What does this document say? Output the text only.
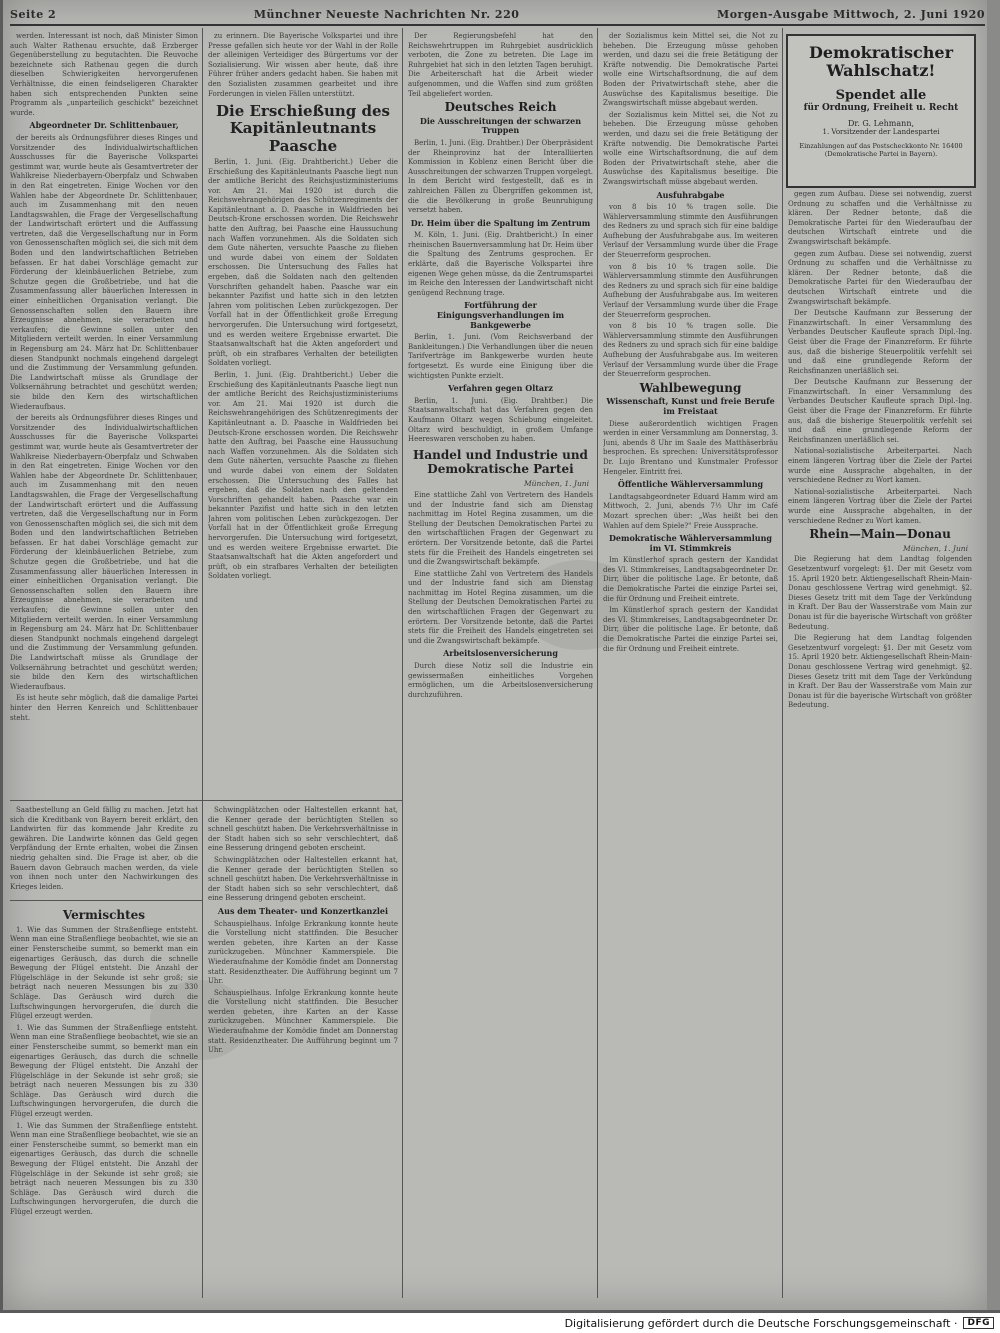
Seite 2	Münchner Neueste Nachrichten Nr. 220	Morgen-Ausgabe Mittwoch, 2. Juni 1920

werden. Interessant ist noch, daß Minister Simon auch Walter Rathenau ersuchte, daß Erzberger Gegenüberstellung zu begutachten. Die Reuvoche bezeichnete sich Rathenau gegen die durch dieselben Schwierigkeiten hervorgerufenen Verhältnisse, die einen feindseligeren Charakter haben sich entsprechenden Punkten seine Programm als „unparteilich geschickt" bezeichnet wurde.

Abgeordneter Dr. Schlittenbauer,

der bereits als Ordnungsführer dieses Ringes und Vorsitzender des Individualwirtschaftlichen Ausschusses für die Bayerische Volkspartei gestimmt war, wurde heute als Gesamtvertreter der Wahlkreise Niederbayern-Oberpfalz und Schwaben in den Rat eingetreten. Einige Wochen vor den Wahlen habe der Abgeordnete Dr. Schlittenbauer, auch im Zusammenhang mit den neuen Landtagswahlen, die Frage der Vergesellschaftung der Landwirtschaft erörtert und die Auffassung vertreten, daß die Vergesellschaftung nur in Form von Genossenschaften möglich sei, die sich mit dem Boden und den landwirtschaftlichen Betrieben befassen. Er hat dabei Vorschläge gemacht zur Förderung der kleinbäuerlichen Betriebe, zum Schutze gegen die Großbetriebe, und hat die Zusammenfassung aller bäuerlichen Interessen in einer einheitlichen Organisation verlangt. Die Genossenschaften sollen den Bauern ihre Erzeugnisse abnehmen, sie verarbeiten und verkaufen; die Gewinne sollen unter den Mitgliedern verteilt werden. In einer Versammlung in Regensburg am 24. März hat Dr. Schlittenbauer diesen Standpunkt nochmals eingehend dargelegt und die Zustimmung der Versammlung gefunden. Die Landwirtschaft müsse als Grundlage der Volksernährung betrachtet und geschützt werden; sie bilde den Kern des wirtschaftlichen Wiederaufbaus.

der bereits als Ordnungsführer dieses Ringes und Vorsitzender des Individualwirtschaftlichen Ausschusses für die Bayerische Volkspartei gestimmt war, wurde heute als Gesamtvertreter der Wahlkreise Niederbayern-Oberpfalz und Schwaben in den Rat eingetreten. Einige Wochen vor den Wahlen habe der Abgeordnete Dr. Schlittenbauer, auch im Zusammenhang mit den neuen Landtagswahlen, die Frage der Vergesellschaftung der Landwirtschaft erörtert und die Auffassung vertreten, daß die Vergesellschaftung nur in Form von Genossenschaften möglich sei, die sich mit dem Boden und den landwirtschaftlichen Betrieben befassen. Er hat dabei Vorschläge gemacht zur Förderung der kleinbäuerlichen Betriebe, zum Schutze gegen die Großbetriebe, und hat die Zusammenfassung aller bäuerlichen Interessen in einer einheitlichen Organisation verlangt. Die Genossenschaften sollen den Bauern ihre Erzeugnisse abnehmen, sie verarbeiten und verkaufen; die Gewinne sollen unter den Mitgliedern verteilt werden. In einer Versammlung in Regensburg am 24. März hat Dr. Schlittenbauer diesen Standpunkt nochmals eingehend dargelegt und die Zustimmung der Versammlung gefunden. Die Landwirtschaft müsse als Grundlage der Volksernährung betrachtet und geschützt werden; sie bilde den Kern des wirtschaftlichen Wiederaufbaus.

Es ist heute sehr möglich, daß die damalige Partei hinter den Herren Kenreich und Schlittenbauer steht.

Saatbestellung an Geld fällig zu machen. Jetzt hat sich die Kreditbank von Bayern bereit erklärt, den Landwirten für das kommende Jahr Kredite zu gewähren. Die Landwirte können das Geld gegen Verpfändung der Ernte erhalten, wobei die Zinsen niedrig gehalten sind. Die Frage ist aber, ob die Bauern davon Gebrauch machen werden, da viele von ihnen noch unter den Nachwirkungen des Krieges leiden.

Vermischtes

1. Wie das Summen der Straßenfliege entsteht. Wenn man eine Straßenfliege beobachtet, wie sie an einer Fensterscheibe summt, so bemerkt man ein eigenartiges Geräusch, das durch die schnelle Bewegung der Flügel entsteht. Die Anzahl der Flügelschläge in der Sekunde ist sehr groß; sie beträgt nach neueren Messungen bis zu 330 Schläge. Das Geräusch wird durch die Luftschwingungen hervorgerufen, die durch die Flügel erzeugt werden.

1. Wie das Summen der Straßenfliege entsteht. Wenn man eine Straßenfliege beobachtet, wie sie an einer Fensterscheibe summt, so bemerkt man ein eigenartiges Geräusch, das durch die schnelle Bewegung der Flügel entsteht. Die Anzahl der Flügelschläge in der Sekunde ist sehr groß; sie beträgt nach neueren Messungen bis zu 330 Schläge. Das Geräusch wird durch die Luftschwingungen hervorgerufen, die durch die Flügel erzeugt werden.

1. Wie das Summen der Straßenfliege entsteht. Wenn man eine Straßenfliege beobachtet, wie sie an einer Fensterscheibe summt, so bemerkt man ein eigenartiges Geräusch, das durch die schnelle Bewegung der Flügel entsteht. Die Anzahl der Flügelschläge in der Sekunde ist sehr groß; sie beträgt nach neueren Messungen bis zu 330 Schläge. Das Geräusch wird durch die Luftschwingungen hervorgerufen, die durch die Flügel erzeugt werden.

zu erinnern. Die Bayerische Volkspartei und ihre Presse gefallen sich heute vor der Wahl in der Rolle der alleinigen Verteidiger des Bürgertums vor der Sozialisierung. Wir wissen aber heute, daß ihre Führer früher anders gedacht haben. Sie haben mit den Sozialisten zusammen gearbeitet und ihre Forderungen in vielen Fällen unterstützt.

Die Erschießung des Kapitänleutnants Paasche

Berlin, 1. Juni. (Eig. Drahtbericht.) Ueber die Erschießung des Kapitänleutnants Paasche liegt nun der amtliche Bericht des Reichsjustizministeriums vor. Am 21. Mai 1920 ist durch die Reichswehrangehörigen des Schützenregiments der Kapitänleutnant a. D. Paasche in Waldfrieden bei Deutsch-Krone erschossen worden. Die Reichswehr hatte den Auftrag, bei Paasche eine Haussuchung nach Waffen vorzunehmen. Als die Soldaten sich dem Gute näherten, versuchte Paasche zu fliehen und wurde dabei von einem der Soldaten erschossen. Die Untersuchung des Falles hat ergeben, daß die Soldaten nach den geltenden Vorschriften gehandelt haben. Paasche war ein bekannter Pazifist und hatte sich in den letzten Jahren vom politischen Leben zurückgezogen. Der Vorfall hat in der Öffentlichkeit große Erregung hervorgerufen. Die Untersuchung wird fortgesetzt, und es werden weitere Ergebnisse erwartet. Die Staatsanwaltschaft hat die Akten angefordert und prüft, ob ein strafbares Verhalten der beteiligten Soldaten vorliegt.

Berlin, 1. Juni. (Eig. Drahtbericht.) Ueber die Erschießung des Kapitänleutnants Paasche liegt nun der amtliche Bericht des Reichsjustizministeriums vor. Am 21. Mai 1920 ist durch die Reichswehrangehörigen des Schützenregiments der Kapitänleutnant a. D. Paasche in Waldfrieden bei Deutsch-Krone erschossen worden. Die Reichswehr hatte den Auftrag, bei Paasche eine Haussuchung nach Waffen vorzunehmen. Als die Soldaten sich dem Gute näherten, versuchte Paasche zu fliehen und wurde dabei von einem der Soldaten erschossen. Die Untersuchung des Falles hat ergeben, daß die Soldaten nach den geltenden Vorschriften gehandelt haben. Paasche war ein bekannter Pazifist und hatte sich in den letzten Jahren vom politischen Leben zurückgezogen. Der Vorfall hat in der Öffentlichkeit große Erregung hervorgerufen. Die Untersuchung wird fortgesetzt, und es werden weitere Ergebnisse erwartet. Die Staatsanwaltschaft hat die Akten angefordert und prüft, ob ein strafbares Verhalten der beteiligten Soldaten vorliegt.

Schwingplätzchen oder Haltestellen erkannt hat, die Kenner gerade der berüchtigten Stellen so schnell geschützt haben. Die Verkehrsverhältnisse in der Stadt haben sich so sehr verschlechtert, daß eine Besserung dringend geboten erscheint.

Schwingplätzchen oder Haltestellen erkannt hat, die Kenner gerade der berüchtigten Stellen so schnell geschützt haben. Die Verkehrsverhältnisse in der Stadt haben sich so sehr verschlechtert, daß eine Besserung dringend geboten erscheint.

Aus dem Theater- und Konzertkanzlei

Schauspielhaus. Infolge Erkrankung konnte heute die Vorstellung nicht stattfinden. Die Besucher werden gebeten, ihre Karten an der Kasse zurückzugeben. Münchner Kammerspiele. Die Wiederaufnahme der Komödie findet am Donnerstag statt. Residenztheater. Die Aufführung beginnt um 7 Uhr.

Schauspielhaus. Infolge Erkrankung konnte heute die Vorstellung nicht stattfinden. Die Besucher werden gebeten, ihre Karten an der Kasse zurückzugeben. Münchner Kammerspiele. Die Wiederaufnahme der Komödie findet am Donnerstag statt. Residenztheater. Die Aufführung beginnt um 7 Uhr.

Der Regierungsbefehl hat den Reichswehrtruppen im Ruhrgebiet ausdrücklich verboten, die Zone zu betreten. Die Lage im Ruhrgebiet hat sich in den letzten Tagen beruhigt. Die Arbeiterschaft hat die Arbeit wieder aufgenommen, und die Waffen sind zum größten Teil abgeliefert worden.

Deutsches Reich
Die Ausschreitungen der schwarzen Truppen

Berlin, 1. Juni. (Eig. Drahtber.) Der Oberpräsident der Rheinprovinz hat der Interalliierten Kommission in Koblenz einen Bericht über die Ausschreitungen der schwarzen Truppen vorgelegt. In dem Bericht wird festgestellt, daß es in zahlreichen Fällen zu Übergriffen gekommen ist, die die Bevölkerung in große Beunruhigung versetzt haben.

Dr. Heim über die Spaltung im Zentrum

M. Köln, 1. Juni. (Eig. Drahtbericht.) In einer rheinischen Bauernversammlung hat Dr. Heim über die Spaltung des Zentrums gesprochen. Er erklärte, daß die Bayerische Volkspartei ihre eigenen Wege gehen müsse, da die Zentrumspartei im Reiche den Interessen der Landwirtschaft nicht genügend Rechnung trage.

Fortführung der Einigungsverhandlungen im Bankgewerbe

Berlin, 1. Juni. (Vom Reichsverband der Bankleitungen.) Die Verhandlungen über die neuen Tarifverträge im Bankgewerbe wurden heute fortgesetzt. Es wurde eine Einigung über die wichtigsten Punkte erzielt.

Verfahren gegen Oltarz

Berlin, 1. Juni. (Eig. Drahtber.) Die Staatsanwaltschaft hat das Verfahren gegen den Kaufmann Oltarz wegen Schiebung eingeleitet. Oltarz wird beschuldigt, in großem Umfange Heereswaren verschoben zu haben.

Handel und Industrie und Demokratische Partei
München, 1. Juni

Eine stattliche Zahl von Vertretern des Handels und der Industrie fand sich am Dienstag nachmittag im Hotel Regina zusammen, um die Stellung der Deutschen Demokratischen Partei zu den wirtschaftlichen Fragen der Gegenwart zu erörtern. Der Vorsitzende betonte, daß die Partei stets für die Freiheit des Handels eingetreten sei und die Zwangswirtschaft bekämpfe.

Eine stattliche Zahl von Vertretern des Handels und der Industrie fand sich am Dienstag nachmittag im Hotel Regina zusammen, um die Stellung der Deutschen Demokratischen Partei zu den wirtschaftlichen Fragen der Gegenwart zu erörtern. Der Vorsitzende betonte, daß die Partei stets für die Freiheit des Handels eingetreten sei und die Zwangswirtschaft bekämpfe.

Arbeitslosenversicherung

Durch diese Notiz soll die Industrie ein gewissermaßen einheitliches Vorgehen ermöglichen, um die Arbeitslosenversicherung durchzuführen.

der Sozialismus kein Mittel sei, die Not zu beheben. Die Erzeugung müsse gehoben werden, und dazu sei die freie Betätigung der Kräfte notwendig. Die Demokratische Partei wolle eine Wirtschaftsordnung, die auf dem Boden der Privatwirtschaft stehe, aber die Auswüchse des Kapitalismus beseitige. Die Zwangswirtschaft müsse abgebaut werden.

der Sozialismus kein Mittel sei, die Not zu beheben. Die Erzeugung müsse gehoben werden, und dazu sei die freie Betätigung der Kräfte notwendig. Die Demokratische Partei wolle eine Wirtschaftsordnung, die auf dem Boden der Privatwirtschaft stehe, aber die Auswüchse des Kapitalismus beseitige. Die Zwangswirtschaft müsse abgebaut werden.

Ausfuhrabgabe

von 8 bis 10 % tragen solle. Die Wählerversammlung stimmte den Ausführungen des Redners zu und sprach sich für eine baldige Aufhebung der Ausfuhrabgabe aus. Im weiteren Verlauf der Versammlung wurde über die Frage der Steuerreform gesprochen.

von 8 bis 10 % tragen solle. Die Wählerversammlung stimmte den Ausführungen des Redners zu und sprach sich für eine baldige Aufhebung der Ausfuhrabgabe aus. Im weiteren Verlauf der Versammlung wurde über die Frage der Steuerreform gesprochen.

von 8 bis 10 % tragen solle. Die Wählerversammlung stimmte den Ausführungen des Redners zu und sprach sich für eine baldige Aufhebung der Ausfuhrabgabe aus. Im weiteren Verlauf der Versammlung wurde über die Frage der Steuerreform gesprochen.

Wahlbewegung
Wissenschaft, Kunst und freie Berufe im Freistaat

Diese außerordentlich wichtigen Fragen werden in einer Versammlung am Donnerstag, 3. Juni, abends 8 Uhr im Saale des Matthäserbräu besprochen. Es sprechen: Universitätsprofessor Dr. Lujo Brentano und Kunstmaler Professor Hengeler. Eintritt frei.

Öffentliche Wählerversammlung

Landtagsabgeordneter Eduard Hamm wird am Mittwoch, 2. Juni, abends 7½ Uhr im Café Mozart sprechen über: „Was heißt bei den Wahlen auf dem Spiele?" Freie Aussprache.

Demokratische Wählerversammlung im VI. Stimmkreis

Im Künstlerhof sprach gestern der Kandidat des VI. Stimmkreises, Landtagsabgeordneter Dr. Dirr, über die politische Lage. Er betonte, daß die Demokratische Partei die einzige Partei sei, die für Ordnung und Freiheit eintrete.

Im Künstlerhof sprach gestern der Kandidat des VI. Stimmkreises, Landtagsabgeordneter Dr. Dirr, über die politische Lage. Er betonte, daß die Demokratische Partei die einzige Partei sei, die für Ordnung und Freiheit eintrete.

Demokratischer Wahlschatz!
Spendet alle
für Ordnung, Freiheit u. Recht
Dr. G. Lehmann,
1. Vorsitzender der Landespartei
Einzahlungen auf das Postscheckkonto Nr. 16400 (Demokratische Partei in Bayern).

gegen zum Aufbau. Diese sei notwendig, zuerst Ordnung zu schaffen und die Verhältnisse zu klären. Der Redner betonte, daß die Demokratische Partei für den Wiederaufbau der deutschen Wirtschaft eintrete und die Zwangswirtschaft bekämpfe.

gegen zum Aufbau. Diese sei notwendig, zuerst Ordnung zu schaffen und die Verhältnisse zu klären. Der Redner betonte, daß die Demokratische Partei für den Wiederaufbau der deutschen Wirtschaft eintrete und die Zwangswirtschaft bekämpfe.

Der Deutsche Kaufmann zur Besserung der Finanzwirtschaft. In einer Versammlung des Verbandes Deutscher Kaufleute sprach Dipl.-Ing. Geist über die Frage der Finanzreform. Er führte aus, daß die bisherige Steuerpolitik verfehlt sei und daß eine grundlegende Reform der Reichsfinanzen unerläßlich sei.

Der Deutsche Kaufmann zur Besserung der Finanzwirtschaft. In einer Versammlung des Verbandes Deutscher Kaufleute sprach Dipl.-Ing. Geist über die Frage der Finanzreform. Er führte aus, daß die bisherige Steuerpolitik verfehlt sei und daß eine grundlegende Reform der Reichsfinanzen unerläßlich sei.

National-sozialistische Arbeiterpartei. Nach einem längeren Vortrag über die Ziele der Partei wurde eine Aussprache abgehalten, in der verschiedene Redner zu Wort kamen.

National-sozialistische Arbeiterpartei. Nach einem längeren Vortrag über die Ziele der Partei wurde eine Aussprache abgehalten, in der verschiedene Redner zu Wort kamen.

Rhein—Main—Donau
München, 1. Juni

Die Regierung hat dem Landtag folgenden Gesetzentwurf vorgelegt: §1. Der mit Gesetz vom 15. April 1920 betr. Aktiengesellschaft Rhein-Main-Donau geschlossene Vertrag wird genehmigt. §2. Dieses Gesetz tritt mit dem Tage der Verkündung in Kraft. Der Bau der Wasserstraße vom Main zur Donau ist für die bayerische Wirtschaft von größter Bedeutung.

Die Regierung hat dem Landtag folgenden Gesetzentwurf vorgelegt: §1. Der mit Gesetz vom 15. April 1920 betr. Aktiengesellschaft Rhein-Main-Donau geschlossene Vertrag wird genehmigt. §2. Dieses Gesetz tritt mit dem Tage der Verkündung in Kraft. Der Bau der Wasserstraße vom Main zur Donau ist für die bayerische Wirtschaft von größter Bedeutung.

Digitalisierung gefördert durch die Deutsche Forschungsgemeinschaft ·	DFG
